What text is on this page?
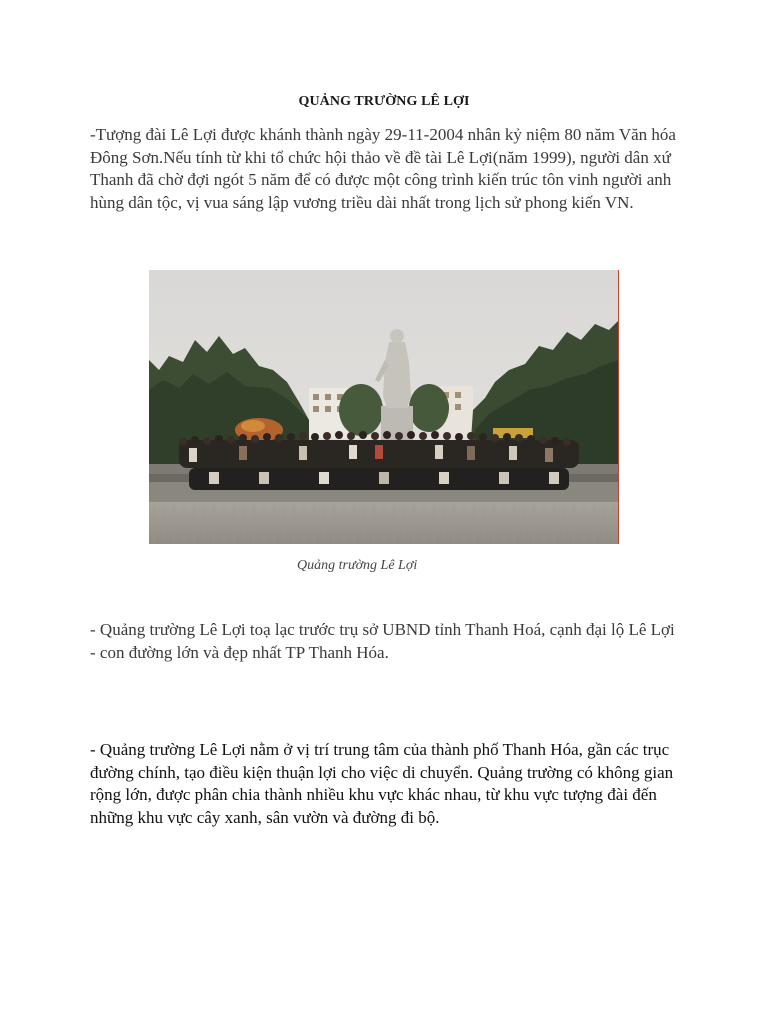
QUẢNG TRƯỜNG LÊ LỢI
-Tượng đài Lê Lợi được khánh thành ngày 29-11-2004 nhân kỷ niệm 80 năm Văn hóa Đông Sơn.Nếu tính từ khi tổ chức hội thảo về đề tài Lê Lợi(năm 1999), người dân xứ Thanh đã chờ đợi ngót 5 năm để có được một công trình kiến trúc tôn vinh người anh hùng dân tộc, vị vua sáng lập vương triều dài nhất trong lịch sử phong kiến VN.
Quảng trường Lê Lợi
- Quảng trường Lê Lợi toạ lạc trước trụ sở UBND tỉnh Thanh Hoá, cạnh đại lộ Lê Lợi - con đường lớn và đẹp nhất TP Thanh Hóa.
- Quảng trường Lê Lợi nằm ở vị trí trung tâm của thành phố Thanh Hóa, gần các trục đường chính, tạo điều kiện thuận lợi cho việc di chuyển. Quảng trường có không gian rộng lớn, được phân chia thành nhiều khu vực khác nhau, từ khu vực tượng đài đến những khu vực cây xanh, sân vườn và đường đi bộ.
